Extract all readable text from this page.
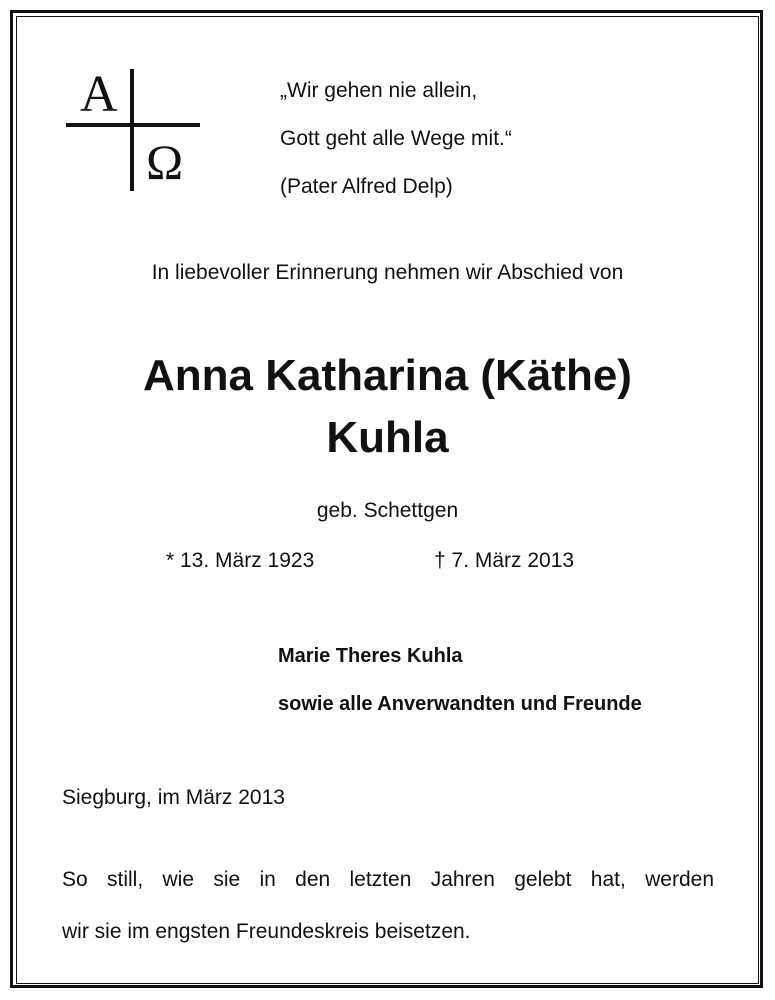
A
Ω
„Wir gehen nie allein,
Gott geht alle Wege mit.“
(Pater Alfred Delp)
In liebevoller Erinnerung nehmen wir Abschied von
Anna Katharina (Käthe)
Kuhla
geb. Schettgen
* 13. März 1923	† 7. März 2013
Marie Theres Kuhla
sowie alle Anverwandten und Freunde
Siegburg, im März 2013
So still, wie sie in den letzten Jahren gelebt hat, werden
wir sie im engsten Freundeskreis beisetzen.
